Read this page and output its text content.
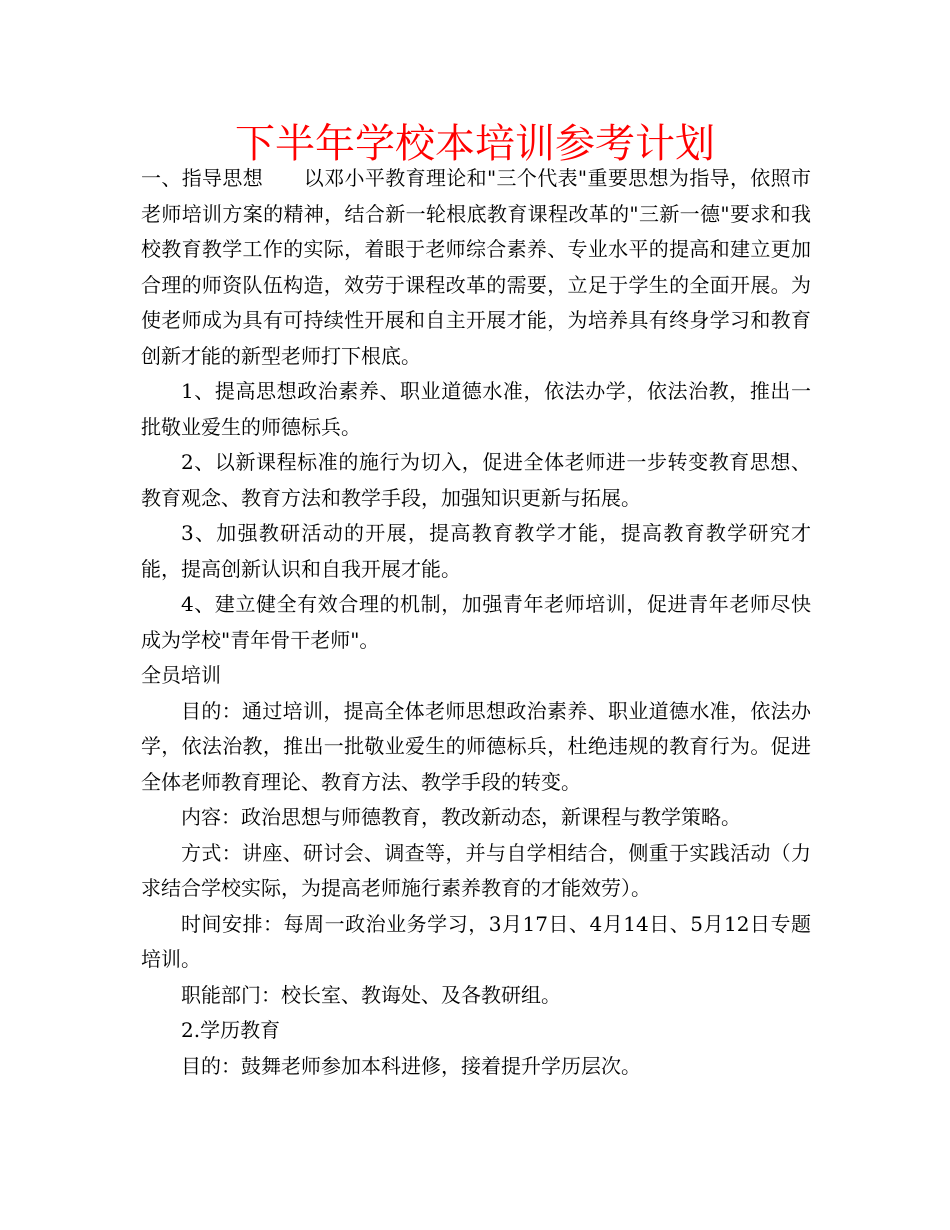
下半年学校本培训参考计划

一、指导思想　　以邓小平教育理论和"三个代表"重要思想为指导，依照市老师培训方案的精神，结合新一轮根底教育课程改革的"三新一德"要求和我校教育教学工作的实际，着眼于老师综合素养、专业水平的提高和建立更加合理的师资队伍构造，效劳于课程改革的需要，立足于学生的全面开展。为使老师成为具有可持续性开展和自主开展才能，为培养具有终身学习和教育创新才能的新型老师打下根底。

1、提高思想政治素养、职业道德水准，依法办学，依法治教，推出一批敬业爱生的师德标兵。

2、以新课程标准的施行为切入，促进全体老师进一步转变教育思想、教育观念、教育方法和教学手段，加强知识更新与拓展。

3、加强教研活动的开展，提高教育教学才能，提高教育教学研究才能，提高创新认识和自我开展才能。

4、建立健全有效合理的机制，加强青年老师培训，促进青年老师尽快成为学校"青年骨干老师"。

全员培训

目的：通过培训，提高全体老师思想政治素养、职业道德水准，依法办学，依法治教，推出一批敬业爱生的师德标兵，杜绝违规的教育行为。促进全体老师教育理论、教育方法、教学手段的转变。

内容：政治思想与师德教育，教改新动态，新课程与教学策略。

方式：讲座、研讨会、调查等，并与自学相结合，侧重于实践活动（力求结合学校实际，为提高老师施行素养教育的才能效劳）。

时间安排：每周一政治业务学习，3月17日、4月14日、5月12日专题培训。

职能部门：校长室、教诲处、及各教研组。

2.学历教育

目的：鼓舞老师参加本科进修，接着提升学历层次。
